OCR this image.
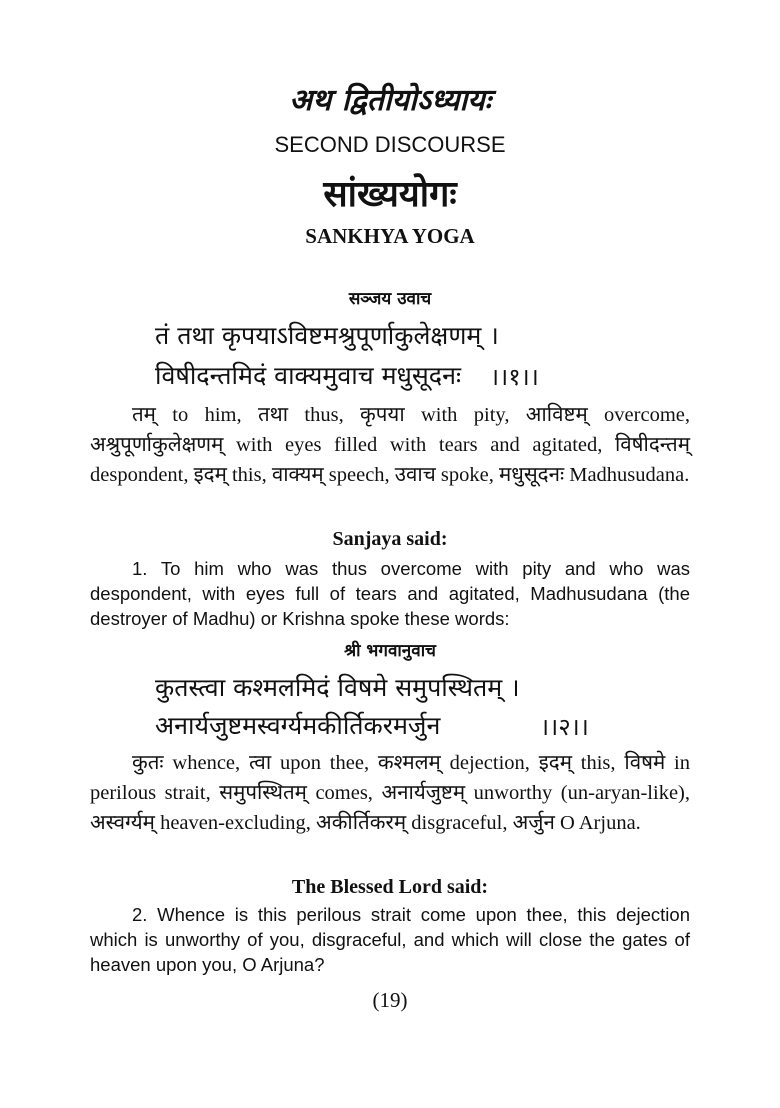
अथ द्वितीयोऽध्यायः
SECOND DISCOURSE
सांख्ययोगः
SANKHYA YOGA
सञ्जय उवाच
तं तथा कृपयाऽविष्टमश्रुपूर्णाकुलेक्षणम् ।
विषीदन्तमिदं वाक्यमुवाच मधुसूदनः ।।१।।
तम् to him, तथा thus, कृपया with pity, आविष्टम् overcome, अश्रुपूर्णाकुलेक्षणम् with eyes filled with tears and agitated, विषीदन्तम् despondent, इदम् this, वाक्यम् speech, उवाच spoke, मधुसूदनः Madhusudana.
Sanjaya said:
1. To him who was thus overcome with pity and who was despondent, with eyes full of tears and agitated, Madhusudana (the destroyer of Madhu) or Krishna spoke these words:
श्री भगवानुवाच
कुतस्त्वा कश्मलमिदं विषमे समुपस्थितम् ।
अनार्यजुष्टमस्वर्ग्यमकीर्तिकरमर्जुन	।।२।।
कुतः whence, त्वा upon thee, कश्मलम् dejection, इदम् this, विषमे in perilous strait, समुपस्थितम् comes, अनार्यजुष्टम् unworthy (un-aryan-like), अस्वर्ग्यम् heaven-excluding, अकीर्तिकरम् disgraceful, अर्जुन O Arjuna.
The Blessed Lord said:
2. Whence is this perilous strait come upon thee, this dejection which is unworthy of you, disgraceful, and which will close the gates of heaven upon you, O Arjuna?
(19)
